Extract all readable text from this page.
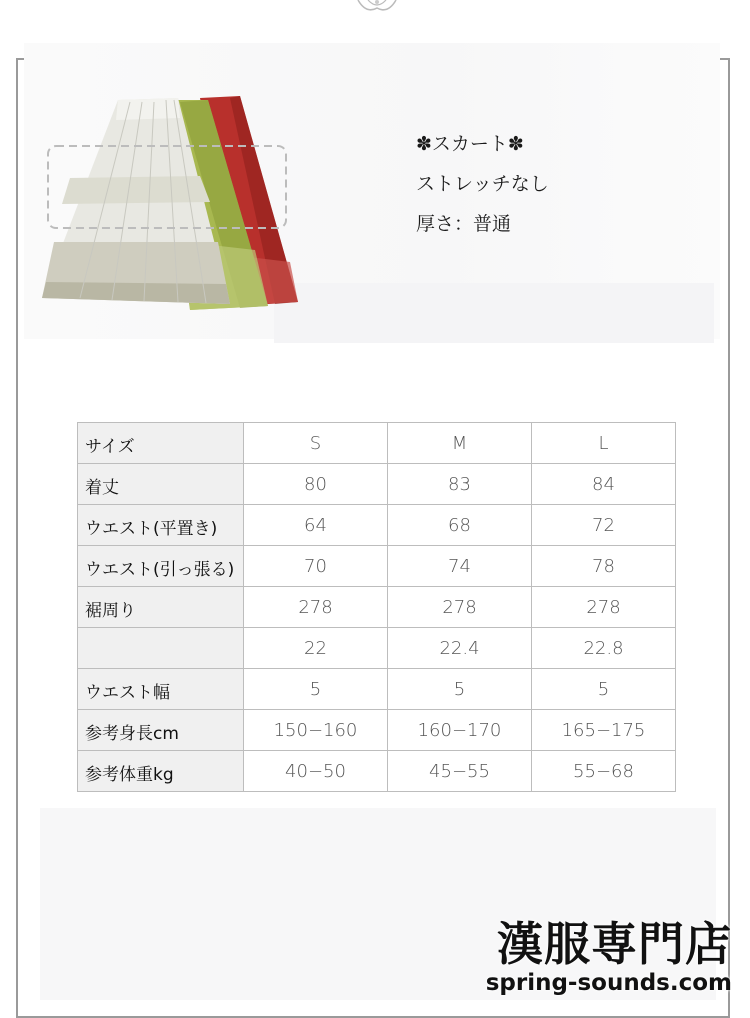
✽スカート✽
ストレッチなし
厚さ：普通
サイズ	S	M	L
着丈	80	83	84
ウエスト(平置き)	64	68	72
ウエスト(引っ張る)	70	74	78
裾周り	278	278	278
	22	22.4	22.8
ウエスト幅	5	5	5
参考身長cm	150−160	160−170	165−175
参考体重kg	40−50	45−55	55−68
漢服専門店
spring-sounds.com
